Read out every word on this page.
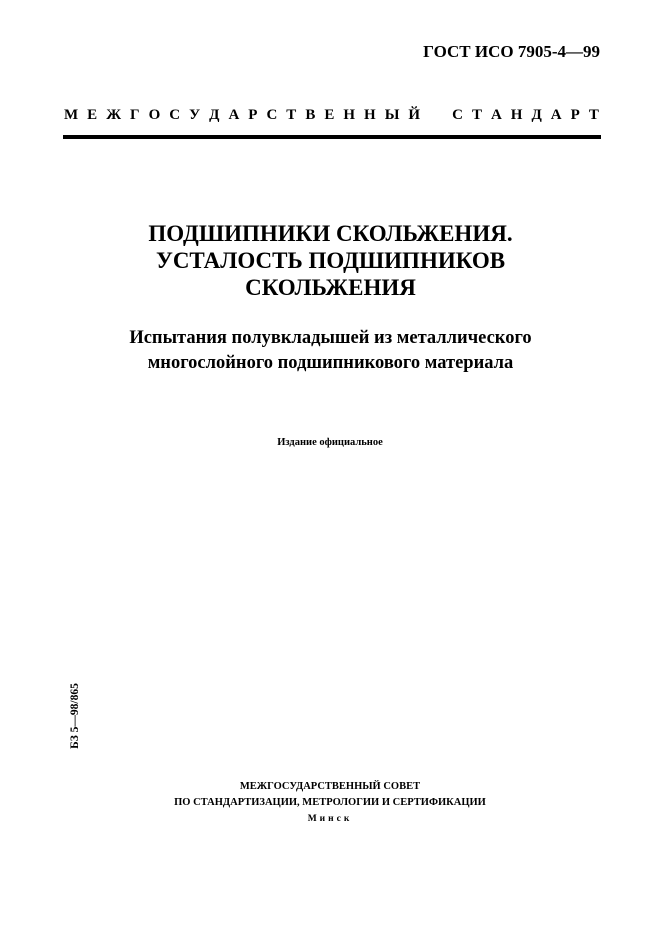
ГОСТ ИСО 7905-4—99
М Е Ж Г О С У Д А Р С Т В Е Н Н Ы Й С Т А Н Д А Р Т
ПОДШИПНИКИ СКОЛЬЖЕНИЯ.
УСТАЛОСТЬ ПОДШИПНИКОВ
СКОЛЬЖЕНИЯ
Испытания полувкладышей из металлического
многослойного подшипникового материала
Издание официальное
БЗ 5—98/865
МЕЖГОСУДАРСТВЕННЫЙ СОВЕТ
ПО СТАНДАРТИЗАЦИИ, МЕТРОЛОГИИ И СЕРТИФИКАЦИИ
Минск
